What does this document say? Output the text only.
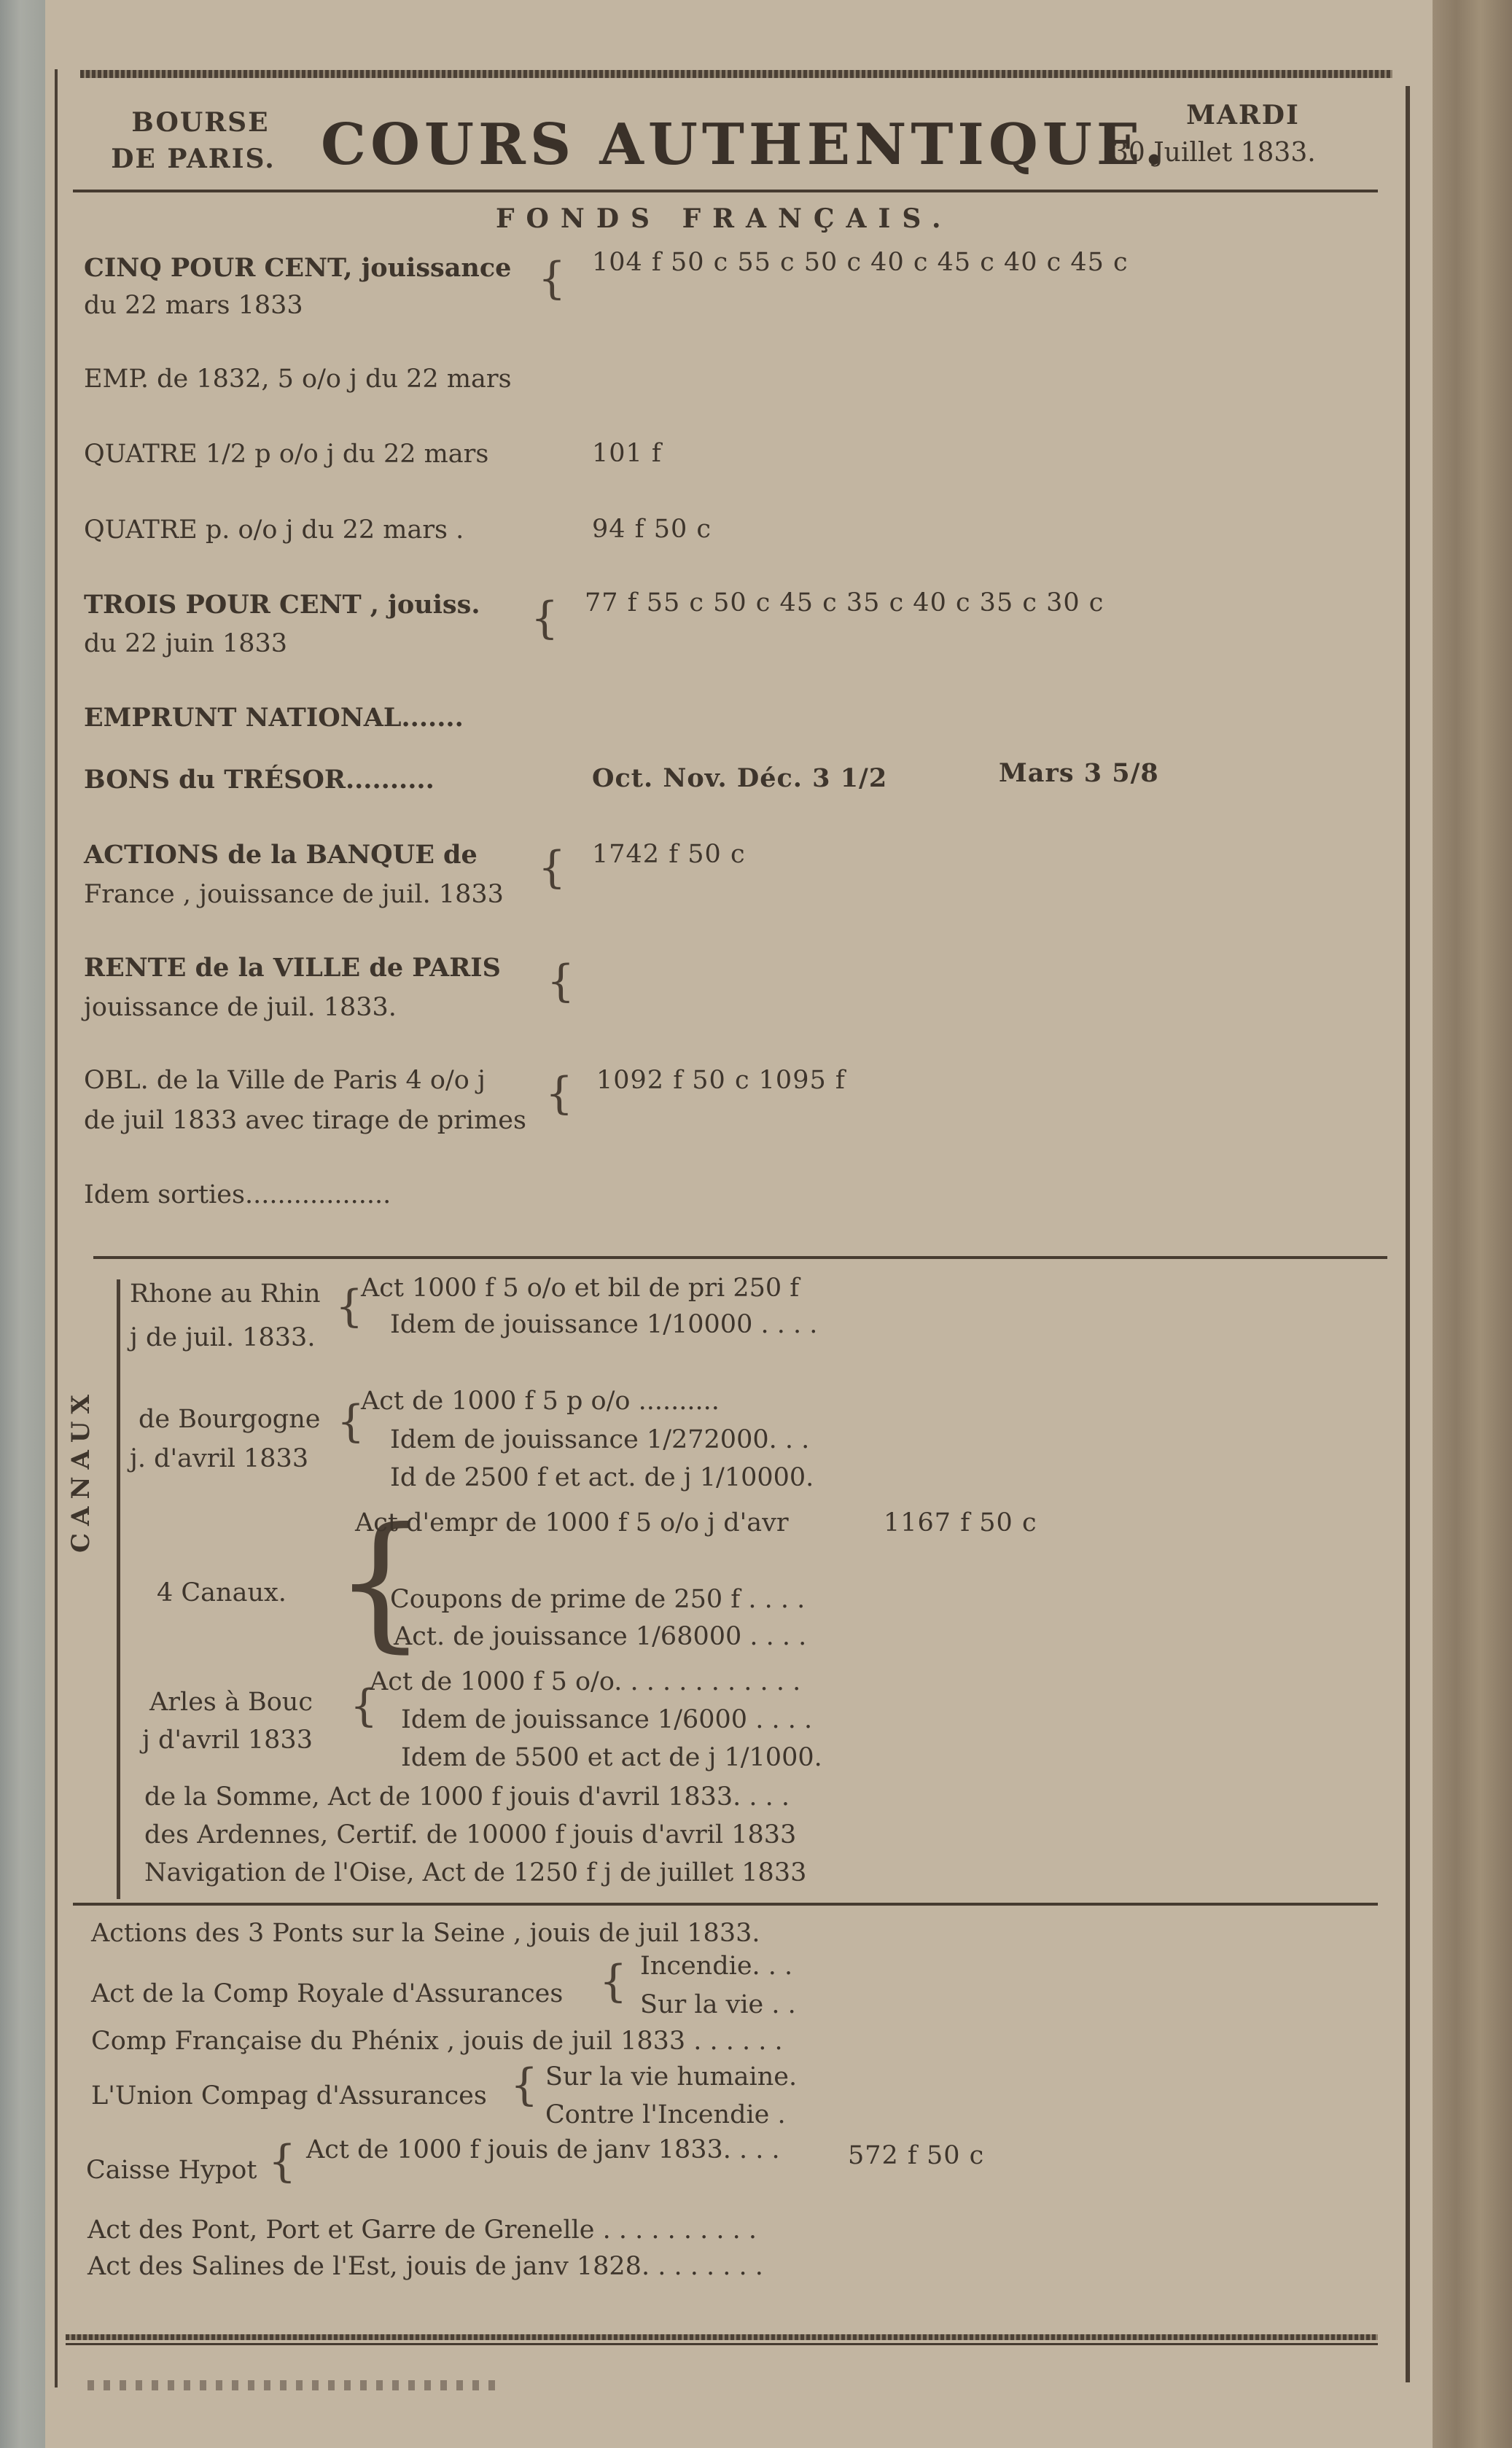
BOURSE
DE PARIS. COURS AUTHENTIQUE. MARDI
30 Juillet 1833.
FONDS FRANÇAIS.
CINQ POUR CENT, jouissance
du 22 mars 1833
{ 104 f 50 c 55 c 50 c 40 c 45 c 40 c 45 c
EMP. de 1832, 5 o/o j du 22 mars
QUATRE 1/2 p o/o j du 22 mars	101 f
QUATRE p. o/o j du 22 mars .	94 f 50 c
TROIS POUR CENT , jouiss.
du 22 juin 1833	{ 77 f 55 c 50 c 45 c 35 c 40 c 35 c 30 c
EMPRUNT NATIONAL.......
BONS du TRÉSOR..........	Oct. Nov. Déc. 3 1/2	Mars 3 5/8
ACTIONS de la BANQUE de
France , jouissance de juil. 1833
{ 1742 f 50 c
RENTE de la VILLE de PARIS
jouissance de juil. 1833.
{
OBL. de la Ville de Paris 4 o/o j
de juil 1833 avec tirage de primes
{ 1092 f 50 c 1095 f
Idem sorties..................
CANAUX
Rhone au Rhin
j de juil. 1833.
{
Act 1000 f 5 o/o et bil de pri 250 f
Idem de jouissance 1/10000 . . . .
de Bourgogne
j. d'avril 1833
{
Act de 1000 f 5 p o/o ..........
Idem de jouissance 1/272000. . .
Id de 2500 f et act. de j 1/10000.
4 Canaux. {
Act d'empr de 1000 f 5 o/o j d'avr	1167 f 50 c
Coupons de prime de 250 f . . . .
Act. de jouissance 1/68000 . . . .
Arles à Bouc
j d'avril 1833
{
Act de 1000 f 5 o/o. . . . . . . . . . . .
Idem de jouissance 1/6000 . . . .
Idem de 5500 et act de j 1/1000.
de la Somme, Act de 1000 f jouis d'avril 1833. . . .
des Ardennes, Certif. de 10000 f jouis d'avril 1833
Navigation de l'Oise, Act de 1250 f j de juillet 1833
Actions des 3 Ponts sur la Seine , jouis de juil 1833.
Act de la Comp Royale d'Assurances { Incendie. . .
Sur la vie . .
Comp Française du Phénix , jouis de juil 1833 . . . . . .
L'Union Compag d'Assurances { Sur la vie humaine.
Contre l'Incendie .
Caisse Hypot { Act de 1000 f jouis de janv 1833. . . .	572 f 50 c
Act des Pont, Port et Garre de Grenelle . . . . . . . . . .
Act des Salines de l'Est, jouis de janv 1828. . . . . . . .
